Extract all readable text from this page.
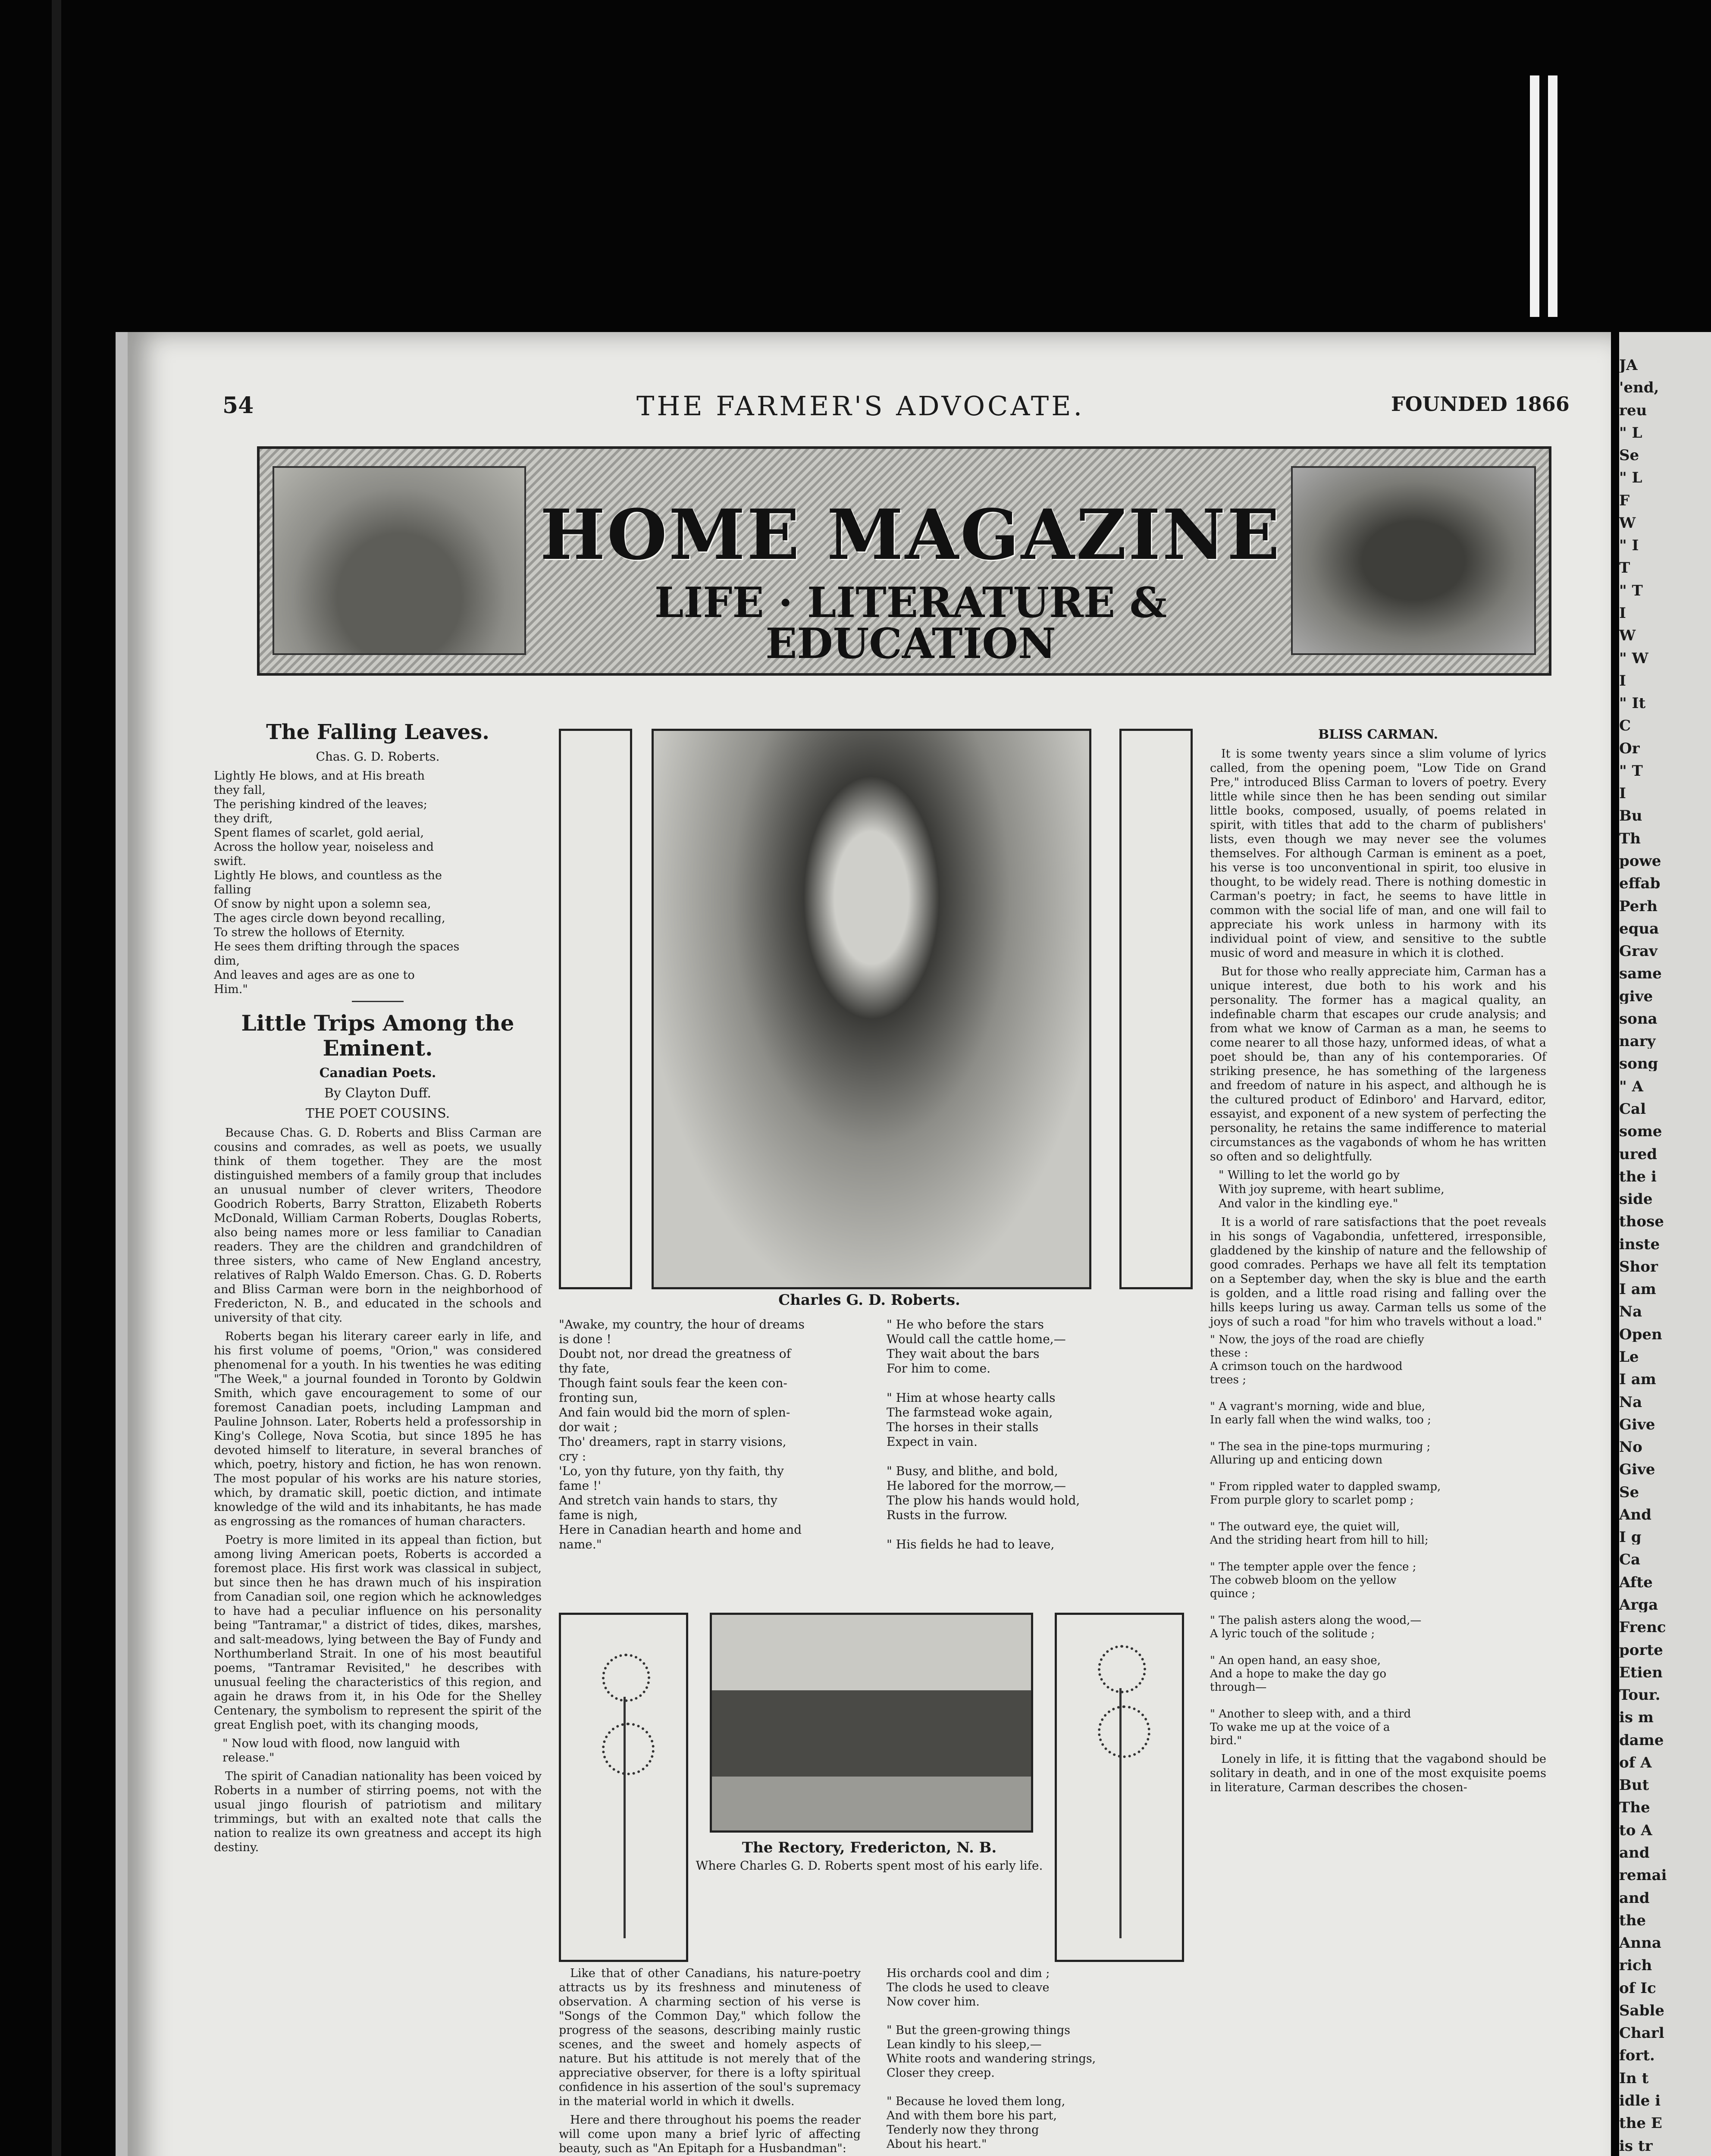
54	THE FARMER'S ADVOCATE.	FOUNDED 1866
HOME MAGAZINE
LIFE · LITERATURE &
EDUCATION

The Falling Leaves.

Chas. G. D. Roberts.

Lightly He blows, and at His breath
they fall,
The perishing kindred of the leaves;
they drift,
Spent flames of scarlet, gold aerial,
Across the hollow year, noiseless and
swift.
Lightly He blows, and countless as the
falling
Of snow by night upon a solemn sea,
The ages circle down beyond recalling,
To strew the hollows of Eternity.
He sees them drifting through the spaces
dim,
And leaves and ages are as one to
Him."

Little Trips Among the Eminent.

Canadian Poets.

By Clayton Duff.

THE POET COUSINS.

Because Chas. G. D. Roberts and Bliss Carman are cousins and comrades, as well as poets, we usually think of them together. They are the most distinguished members of a family group that includes an unusual number of clever writers, Theodore Goodrich Roberts, Barry Stratton, Elizabeth Roberts McDonald, William Carman Roberts, Douglas Roberts, also being names more or less familiar to Canadian readers. They are the children and grandchildren of three sisters, who came of New England ancestry, relatives of Ralph Waldo Emerson. Chas. G. D. Roberts and Bliss Carman were born in the neighborhood of Fredericton, N. B., and educated in the schools and university of that city.

Roberts began his literary career early in life, and his first volume of poems, "Orion," was considered phenomenal for a youth. In his twenties he was editing "The Week," a journal founded in Toronto by Goldwin Smith, which gave encouragement to some of our foremost Canadian poets, including Lampman and Pauline Johnson. Later, Roberts held a professorship in King's College, Nova Scotia, but since 1895 he has devoted himself to literature, in several branches of which, poetry, history and fiction, he has won renown. The most popular of his works are his nature stories, which, by dramatic skill, poetic diction, and intimate knowledge of the wild and its inhabitants, he has made as engrossing as the romances of human characters.

Poetry is more limited in its appeal than fiction, but among living American poets, Roberts is accorded a foremost place. His first work was classical in subject, but since then he has drawn much of his inspiration from Canadian soil, one region which he acknowledges to have had a peculiar influence on his personality being "Tantramar," a district of tides, dikes, marshes, and salt-meadows, lying between the Bay of Fundy and Northumberland Strait. In one of his most beautiful poems, "Tantramar Revisited," he describes with unusual feeling the characteristics of this region, and again he draws from it, in his Ode for the Shelley Centenary, the symbolism to represent the spirit of the great English poet, with its changing moods,

" Now loud with flood, now languid with
release."

The spirit of Canadian nationality has been voiced by Roberts in a number of stirring poems, not with the usual jingo flourish of patriotism and military trimmings, but with an exalted note that calls the nation to realize its own greatness and accept its high destiny.

Charles G. D. Roberts.

"Awake, my country, the hour of dreams
is done !
Doubt not, nor dread the greatness of
thy fate,
Though faint souls fear the keen con-
fronting sun,
And fain would bid the morn of splen-
dor wait ;
Tho' dreamers, rapt in starry visions,
cry :
'Lo, yon thy future, yon thy faith, thy
fame !'
And stretch vain hands to stars, thy
fame is nigh,
Here in Canadian hearth and home and
name."

" He who before the stars
Would call the cattle home,—
They wait about the bars
For him to come.

" Him at whose hearty calls
The farmstead woke again,
The horses in their stalls
Expect in vain.

" Busy, and blithe, and bold,
He labored for the morrow,—
The plow his hands would hold,
Rusts in the furrow.

" His fields he had to leave,

The Rectory, Fredericton, N. B.
Where Charles G. D. Roberts spent most of his early life.

Like that of other Canadians, his nature-poetry attracts us by its freshness and minuteness of observation. A charming section of his verse is "Songs of the Common Day," which follow the progress of the seasons, describing mainly rustic scenes, and the sweet and homely aspects of nature. But his attitude is not merely that of the appreciative observer, for there is a lofty spiritual confidence in his assertion of the soul's supremacy in the material world in which it dwells.

Here and there throughout his poems the reader will come upon many a brief lyric of affecting beauty, such as "An Epitaph for a Husbandman":

His orchards cool and dim ;
The clods he used to cleave
Now cover him.

" But the green-growing things
Lean kindly to his sleep,—
White roots and wandering strings,
Closer they creep.

" Because he loved them long,
And with them bore his part,
Tenderly now they throng
About his heart."

BLISS CARMAN.

It is some twenty years since a slim volume of lyrics called, from the opening poem, "Low Tide on Grand Pre," introduced Bliss Carman to lovers of poetry. Every little while since then he has been sending out similar little books, composed, usually, of poems related in spirit, with titles that add to the charm of publishers' lists, even though we may never see the volumes themselves. For although Carman is eminent as a poet, his verse is too unconventional in spirit, too elusive in thought, to be widely read. There is nothing domestic in Carman's poetry; in fact, he seems to have little in common with the social life of man, and one will fail to appreciate his work unless in harmony with its individual point of view, and sensitive to the subtle music of word and measure in which it is clothed.

But for those who really appreciate him, Carman has a unique interest, due both to his work and his personality. The former has a magical quality, an indefinable charm that escapes our crude analysis; and from what we know of Carman as a man, he seems to come nearer to all those hazy, unformed ideas, of what a poet should be, than any of his contemporaries. Of striking presence, he has something of the largeness and freedom of nature in his aspect, and although he is the cultured product of Edinboro' and Harvard, editor, essayist, and exponent of a new system of perfecting the personality, he retains the same indifference to material circumstances as the vagabonds of whom he has written so often and so delightfully.

" Willing to let the world go by
With joy supreme, with heart sublime,
And valor in the kindling eye."

It is a world of rare satisfactions that the poet reveals in his songs of Vagabondia, unfettered, irresponsible, gladdened by the kinship of nature and the fellowship of good comrades. Perhaps we have all felt its temptation on a September day, when the sky is blue and the earth is golden, and a little road rising and falling over the hills keeps luring us away. Carman tells us some of the joys of such a road "for him who travels without a load."

" Now, the joys of the road are chiefly
these :
A crimson touch on the hardwood
trees ;

" A vagrant's morning, wide and blue,
In early fall when the wind walks, too ;

" The sea in the pine-tops murmuring ;
Alluring up and enticing down

" From rippled water to dappled swamp,
From purple glory to scarlet pomp ;

" The outward eye, the quiet will,
And the striding heart from hill to hill;

" The tempter apple over the fence ;
The cobweb bloom on the yellow
quince ;

" The palish asters along the wood,—
A lyric touch of the solitude ;

" An open hand, an easy shoe,
And a hope to make the day go
through—

" Another to sleep with, and a third
To wake me up at the voice of a
bird."

Lonely in life, it is fitting that the vagabond should be solitary in death, and in one of the most exquisite poems in literature, Carman describes the chosen-

JA
'end,
reu
" L
Se
" L
F
W
" I
T
" T
I
W
" W
I
" It
C
Or
" T
I
Bu
Th
powe
effab
Perh
equa
Grav
same
give
sona
nary
song
" A
Cal
some
ured
the i
side
those
inste
Shor
I am
Na
Open
Le
I am
Na
Give
No
Give
Se
And
I g
Ca
Afte
Arga
Frenc
porte
Etien
Tour.
is m
dame
of A
But
The
to A
and
remai
and
the
Anna
rich
of Ic
Sable
Charl
fort.
In t
idle i
the E
is tr
